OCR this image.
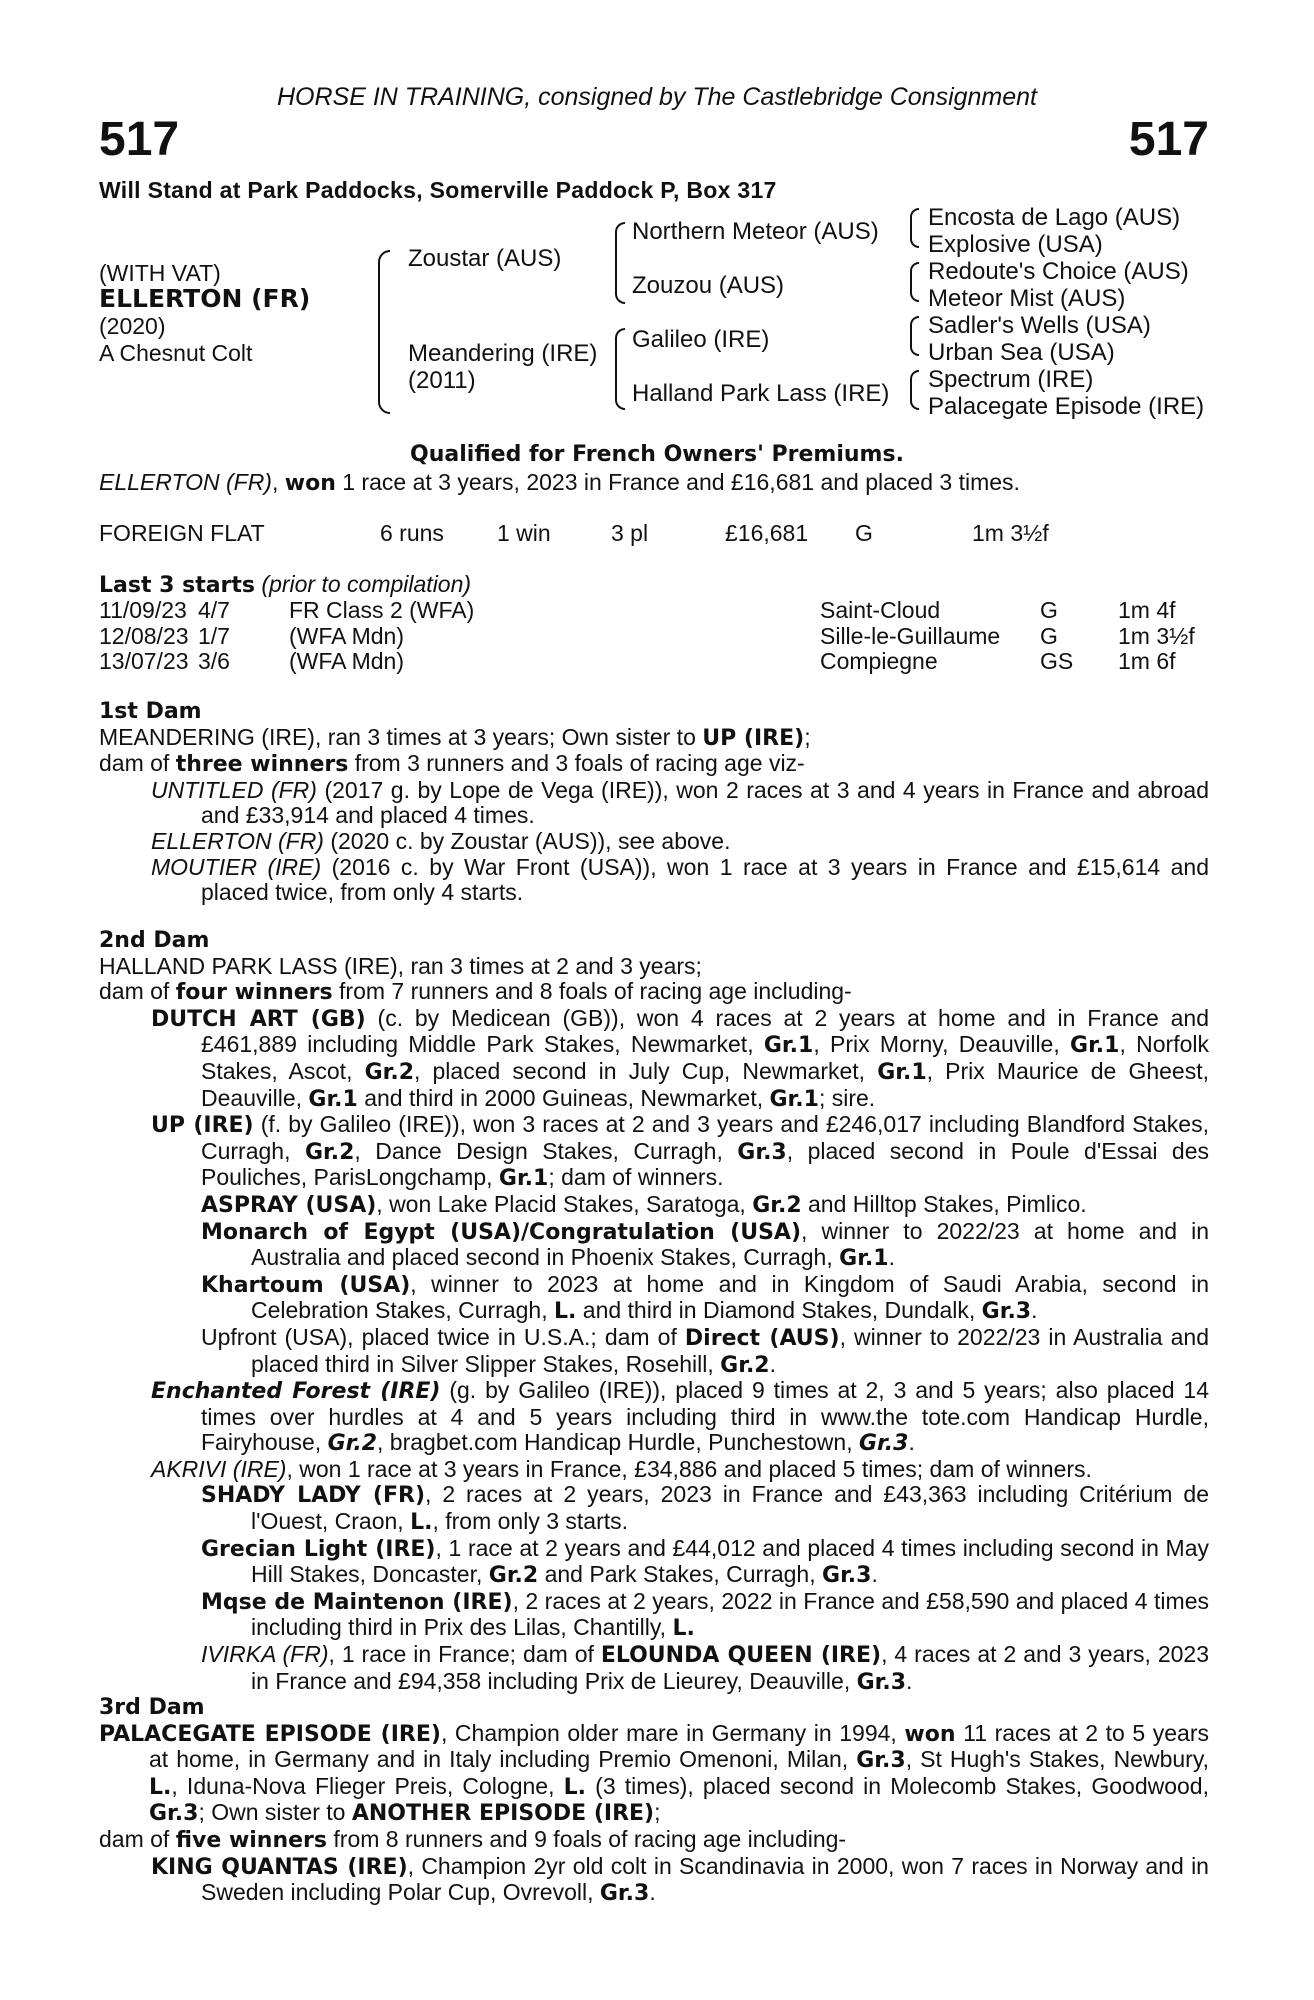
HORSE IN TRAINING, consigned by The Castlebridge Consignment
517	517
Will Stand at Park Paddocks, Somerville Paddock P, Box 317
(WITH VAT)
ELLERTON (FR)
(2020)
A Chesnut Colt
Zoustar (AUS)
Meandering (IRE)
(2011)
Northern Meteor (AUS)
Zouzou (AUS)
Galileo (IRE)
Halland Park Lass (IRE)
Encosta de Lago (AUS)
Explosive (USA)
Redoute's Choice (AUS)
Meteor Mist (AUS)
Sadler's Wells (USA)
Urban Sea (USA)
Spectrum (IRE)
Palacegate Episode (IRE)
Qualified for French Owners' Premiums.
ELLERTON (FR), won 1 race at 3 years, 2023 in France and £16,681 and placed 3 times.
FOREIGN FLAT	6 runs 1 win	3 pl	£16,681 G	1m 3½f
Last 3 starts (prior to compilation)
11/09/23 4/7	FR Class 2 (WFA)	Saint-Cloud	G	1m 4f
12/08/23 1/7	(WFA Mdn)	Sille-le-Guillaume G	1m 3½f
13/07/23 3/6	(WFA Mdn)	Compiegne	GS 1m 6f

1st Dam

MEANDERING (IRE), ran 3 times at 3 years; Own sister to UP (IRE);

dam of three winners from 3 runners and 3 foals of racing age viz-

UNTITLED (FR) (2017 g. by Lope de Vega (IRE)), won 2 races at 3 and 4 years in France and abroad and £33,914 and placed 4 times.

ELLERTON (FR) (2020 c. by Zoustar (AUS)), see above.

MOUTIER (IRE) (2016 c. by War Front (USA)), won 1 race at 3 years in France and £15,614 and placed twice, from only 4 starts.

2nd Dam

HALLAND PARK LASS (IRE), ran 3 times at 2 and 3 years;

dam of four winners from 7 runners and 8 foals of racing age including-

DUTCH ART (GB) (c. by Medicean (GB)), won 4 races at 2 years at home and in France and £461,889 including Middle Park Stakes, Newmarket, Gr.1, Prix Morny, Deauville, Gr.1, Norfolk Stakes, Ascot, Gr.2, placed second in July Cup, Newmarket, Gr.1, Prix Maurice de Gheest, Deauville, Gr.1 and third in 2000 Guineas, Newmarket, Gr.1; sire.

UP (IRE) (f. by Galileo (IRE)), won 3 races at 2 and 3 years and £246,017 including Blandford Stakes, Curragh, Gr.2, Dance Design Stakes, Curragh, Gr.3, placed second in Poule d'Essai des Pouliches, ParisLongchamp, Gr.1; dam of winners.

ASPRAY (USA), won Lake Placid Stakes, Saratoga, Gr.2 and Hilltop Stakes, Pimlico.

Monarch of Egypt (USA)/Congratulation (USA), winner to 2022/23 at home and in Australia and placed second in Phoenix Stakes, Curragh, Gr.1.

Khartoum (USA), winner to 2023 at home and in Kingdom of Saudi Arabia, second in Celebration Stakes, Curragh, L. and third in Diamond Stakes, Dundalk, Gr.3.

Upfront (USA), placed twice in U.S.A.; dam of Direct (AUS), winner to 2022/23 in Australia and placed third in Silver Slipper Stakes, Rosehill, Gr.2.

Enchanted Forest (IRE) (g. by Galileo (IRE)), placed 9 times at 2, 3 and 5 years; also placed 14 times over hurdles at 4 and 5 years including third in www.the tote.com Handicap Hurdle, Fairyhouse, Gr.2, bragbet.com Handicap Hurdle, Punchestown, Gr.3.

AKRIVI (IRE), won 1 race at 3 years in France, £34,886 and placed 5 times; dam of winners.

SHADY LADY (FR), 2 races at 2 years, 2023 in France and £43,363 including Critérium de l'Ouest, Craon, L., from only 3 starts.

Grecian Light (IRE), 1 race at 2 years and £44,012 and placed 4 times including second in May Hill Stakes, Doncaster, Gr.2 and Park Stakes, Curragh, Gr.3.

Mqse de Maintenon (IRE), 2 races at 2 years, 2022 in France and £58,590 and placed 4 times including third in Prix des Lilas, Chantilly, L.

IVIRKA (FR), 1 race in France; dam of ELOUNDA QUEEN (IRE), 4 races at 2 and 3 years, 2023 in France and £94,358 including Prix de Lieurey, Deauville, Gr.3.

3rd Dam

PALACEGATE EPISODE (IRE), Champion older mare in Germany in 1994, won 11 races at 2 to 5 years at home, in Germany and in Italy including Premio Omenoni, Milan, Gr.3, St Hugh's Stakes, Newbury, L., Iduna-Nova Flieger Preis, Cologne, L. (3 times), placed second in Molecomb Stakes, Goodwood, Gr.3; Own sister to ANOTHER EPISODE (IRE);

dam of five winners from 8 runners and 9 foals of racing age including-

KING QUANTAS (IRE), Champion 2yr old colt in Scandinavia in 2000, won 7 races in Norway and in Sweden including Polar Cup, Ovrevoll, Gr.3.
